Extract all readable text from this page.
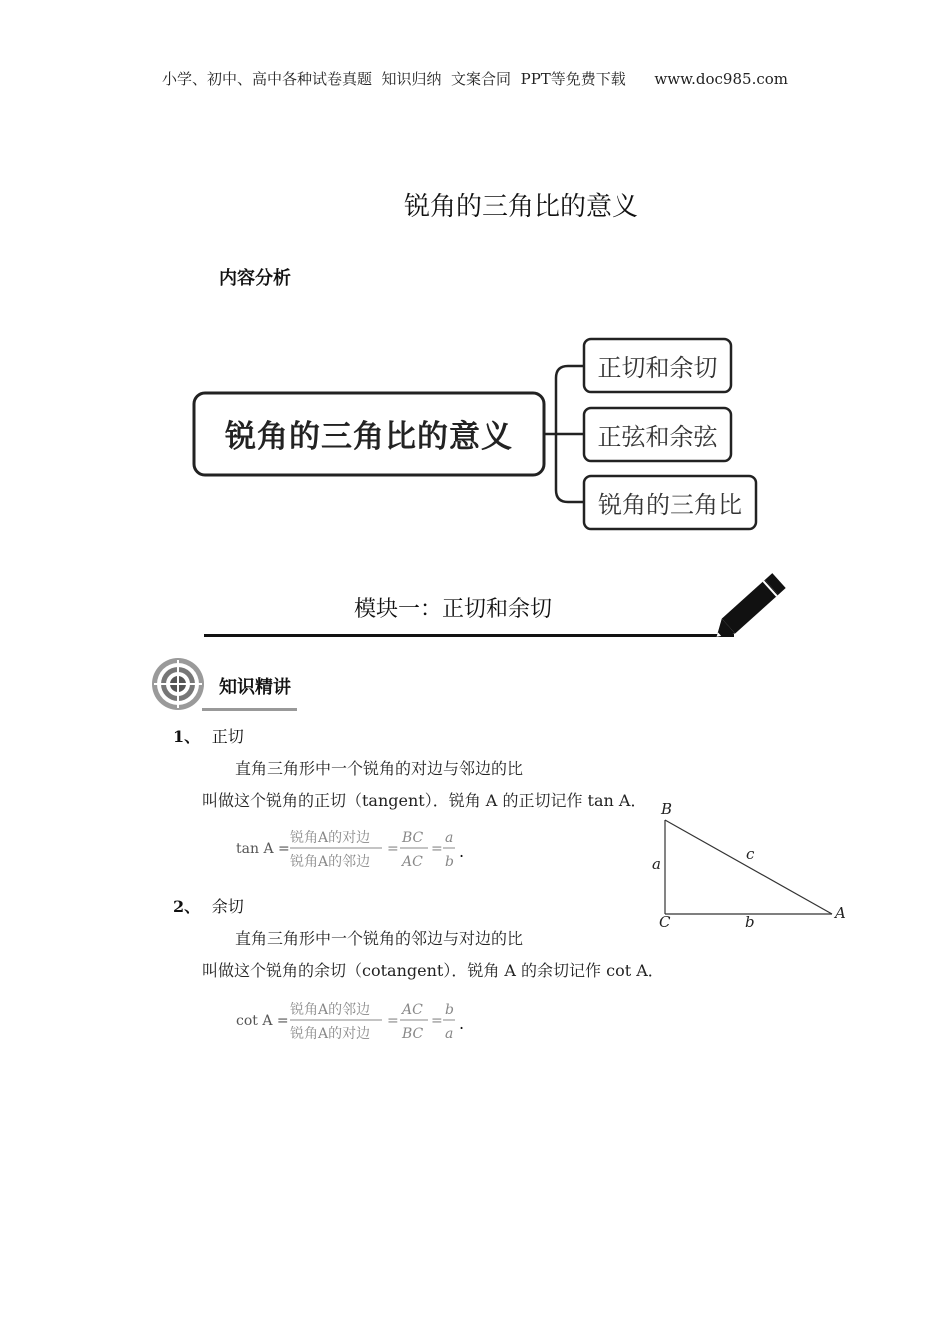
小学、初中、高中各种试卷真题  知识归纳  文案合同  PPT等免费下载      www.doc985.com
锐角的三角比的意义
内容分析
锐角的三角比的意义
正切和余切
正弦和余弦
锐角的三角比
模块一：正切和余切
知识精讲
1、 正切
直角三角形中一个锐角的对边与邻边的比
叫做这个锐角的正切（tangent）．锐角 A 的正切记作 tan A．
tan A =
锐角A的对边
锐角A的邻边
=
BC
AC
=
a
b
.
2、 余切
直角三角形中一个锐角的邻边与对边的比
叫做这个锐角的余切（cotangent）．锐角 A 的余切记作 cot A．
cot A =
锐角A的邻边
锐角A的对边
=
AC
BC
=
b
a
.
B
C	A
a
b
c
